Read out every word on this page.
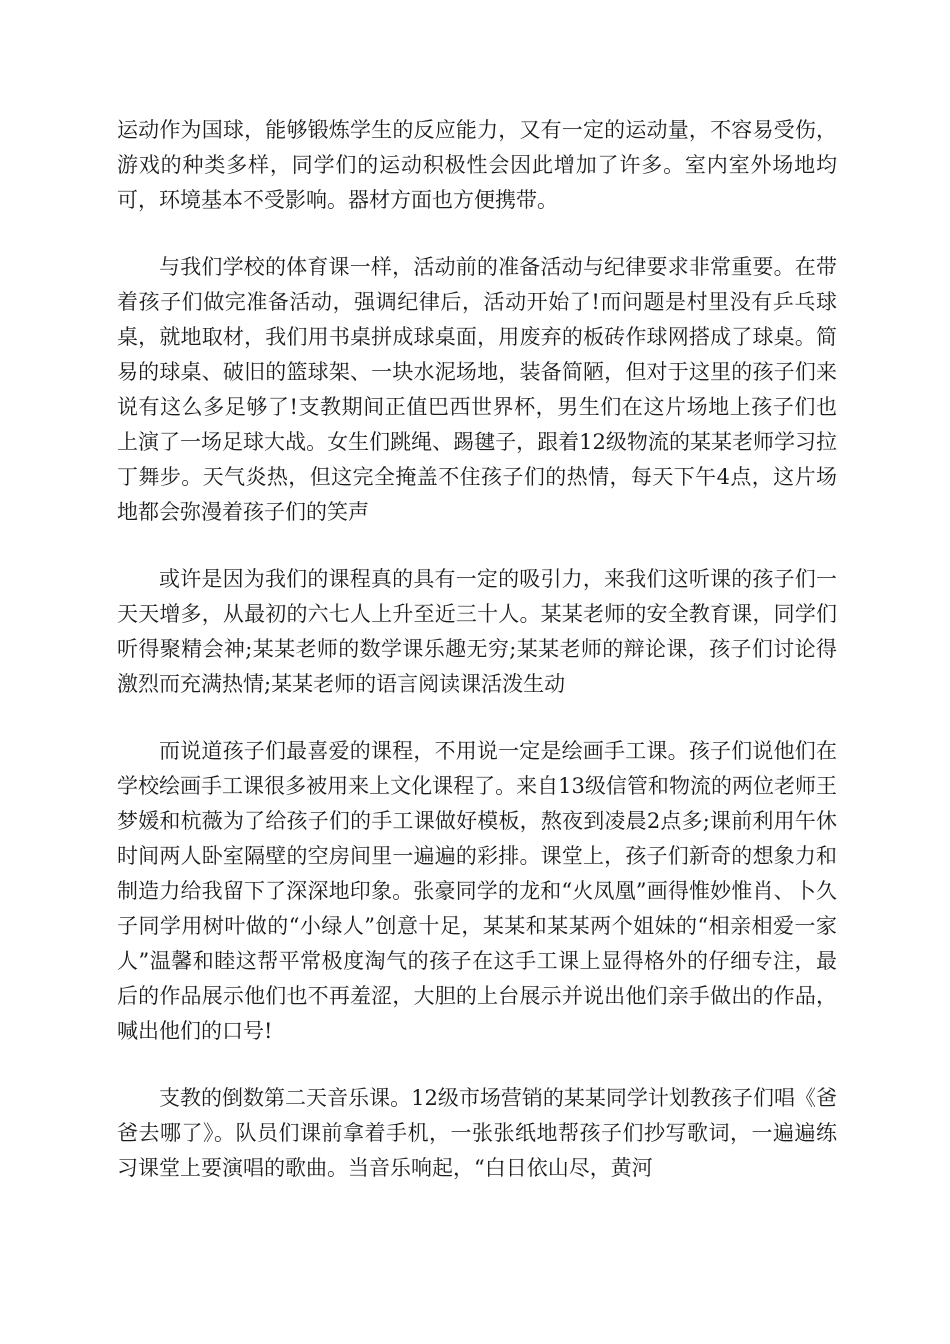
运动作为国球，能够锻炼学生的反应能力，又有一定的运动量，不容易受伤，游戏的种类多样，同学们的运动积极性会因此增加了许多。室内室外场地均可，环境基本不受影响。器材方面也方便携带。

与我们学校的体育课一样，活动前的准备活动与纪律要求非常重要。在带着孩子们做完准备活动，强调纪律后，活动开始了!而问题是村里没有乒乓球桌，就地取材，我们用书桌拼成球桌面，用废弃的板砖作球网搭成了球桌。简易的球桌、破旧的篮球架、一块水泥场地，装备简陋，但对于这里的孩子们来说有这么多足够了!支教期间正值巴西世界杯，男生们在这片场地上孩子们也上演了一场足球大战。女生们跳绳、踢毽子，跟着12级物流的某某老师学习拉丁舞步。天气炎热，但这完全掩盖不住孩子们的热情，每天下午4点，这片场地都会弥漫着孩子们的笑声

或许是因为我们的课程真的具有一定的吸引力，来我们这听课的孩子们一天天增多，从最初的六七人上升至近三十人。某某老师的安全教育课，同学们听得聚精会神;某某老师的数学课乐趣无穷;某某老师的辩论课，孩子们讨论得激烈而充满热情;某某老师的语言阅读课活泼生动

而说道孩子们最喜爱的课程，不用说一定是绘画手工课。孩子们说他们在学校绘画手工课很多被用来上文化课程了。来自13级信管和物流的两位老师王梦媛和杭薇为了给孩子们的手工课做好模板，熬夜到凌晨2点多;课前利用午休时间两人卧室隔壁的空房间里一遍遍的彩排。课堂上，孩子们新奇的想象力和制造力给我留下了深深地印象。张豪同学的龙和“火凤凰”画得惟妙惟肖、卜久子同学用树叶做的“小绿人”创意十足，某某和某某两个姐妹的“相亲相爱一家人”温馨和睦这帮平常极度淘气的孩子在这手工课上显得格外的仔细专注，最后的作品展示他们也不再羞涩，大胆的上台展示并说出他们亲手做出的作品，喊出他们的口号!

支教的倒数第二天音乐课。12级市场营销的某某同学计划教孩子们唱《爸爸去哪了》。队员们课前拿着手机，一张张纸地帮孩子们抄写歌词，一遍遍练习课堂上要演唱的歌曲。当音乐响起，“白日依山尽，黄河
